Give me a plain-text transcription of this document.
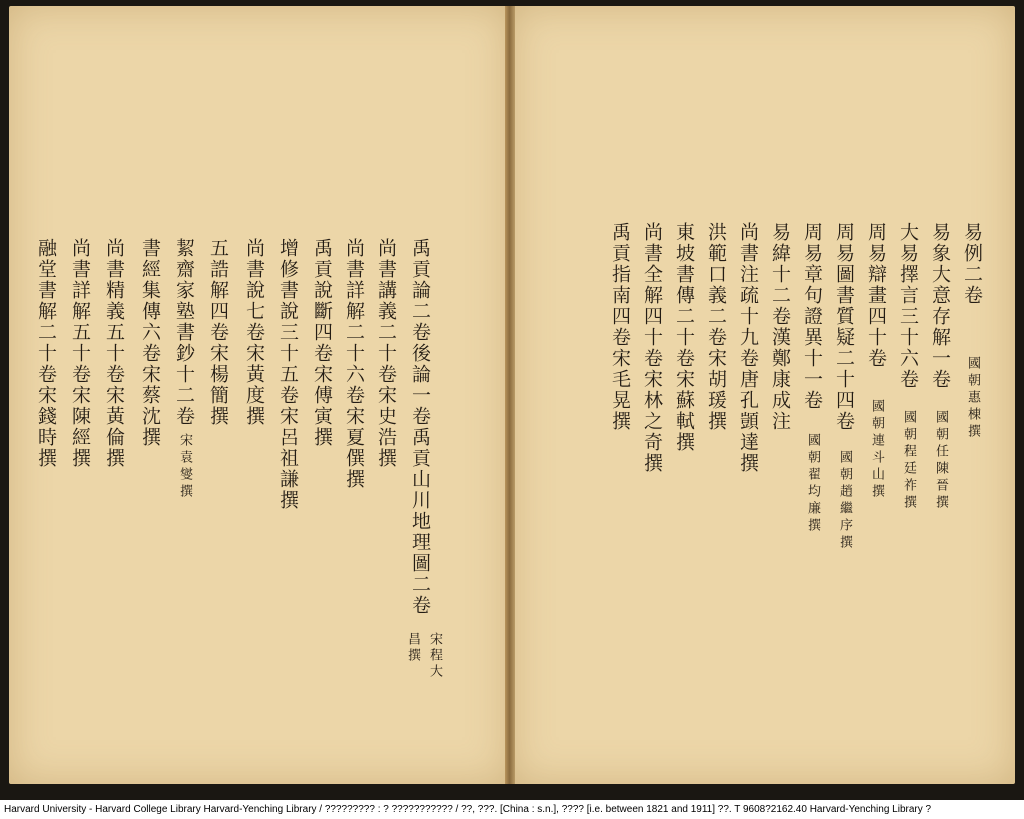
易例二卷國朝惠棟撰
易象大意存解一卷國朝任陳晉撰
大易擇言三十六卷國朝程廷祚撰
周易辯畫四十卷國朝連斗山撰
周易圖書質疑二十四卷國朝趙繼序撰
周易章句證異十一卷國朝翟均廉撰
易緯十二卷漢鄭康成注
尚書注疏十九卷唐孔顗達撰
洪範口義二卷宋胡瑗撰
東坡書傳二十卷宋蘇軾撰
尚書全解四十卷宋林之奇撰
禹貢指南四卷宋毛晃撰
禹貢論二卷後論一卷禹貢山川地理圖二卷
宋程大
昌撰
尚書講義二十卷宋史浩撰
尚書詳解二十六卷宋夏僎撰
禹貢說斷四卷宋傅寅撰
增修書說三十五卷宋呂祖謙撰
尚書說七卷宋黃度撰
五誥解四卷宋楊簡撰
絜齋家塾書鈔十二卷宋袁燮撰
書經集傳六卷宋蔡沈撰
尚書精義五十卷宋黃倫撰
尚書詳解五十卷宋陳經撰
融堂書解二十卷宋錢時撰
Harvard University - Harvard College Library Harvard-Yenching Library / ????????? : ? ??????????? / ??, ???. [China : s.n.], ???? [i.e. between 1821 and 1911] ??. T 9608?2162.40 Harvard-Yenching Library ?
